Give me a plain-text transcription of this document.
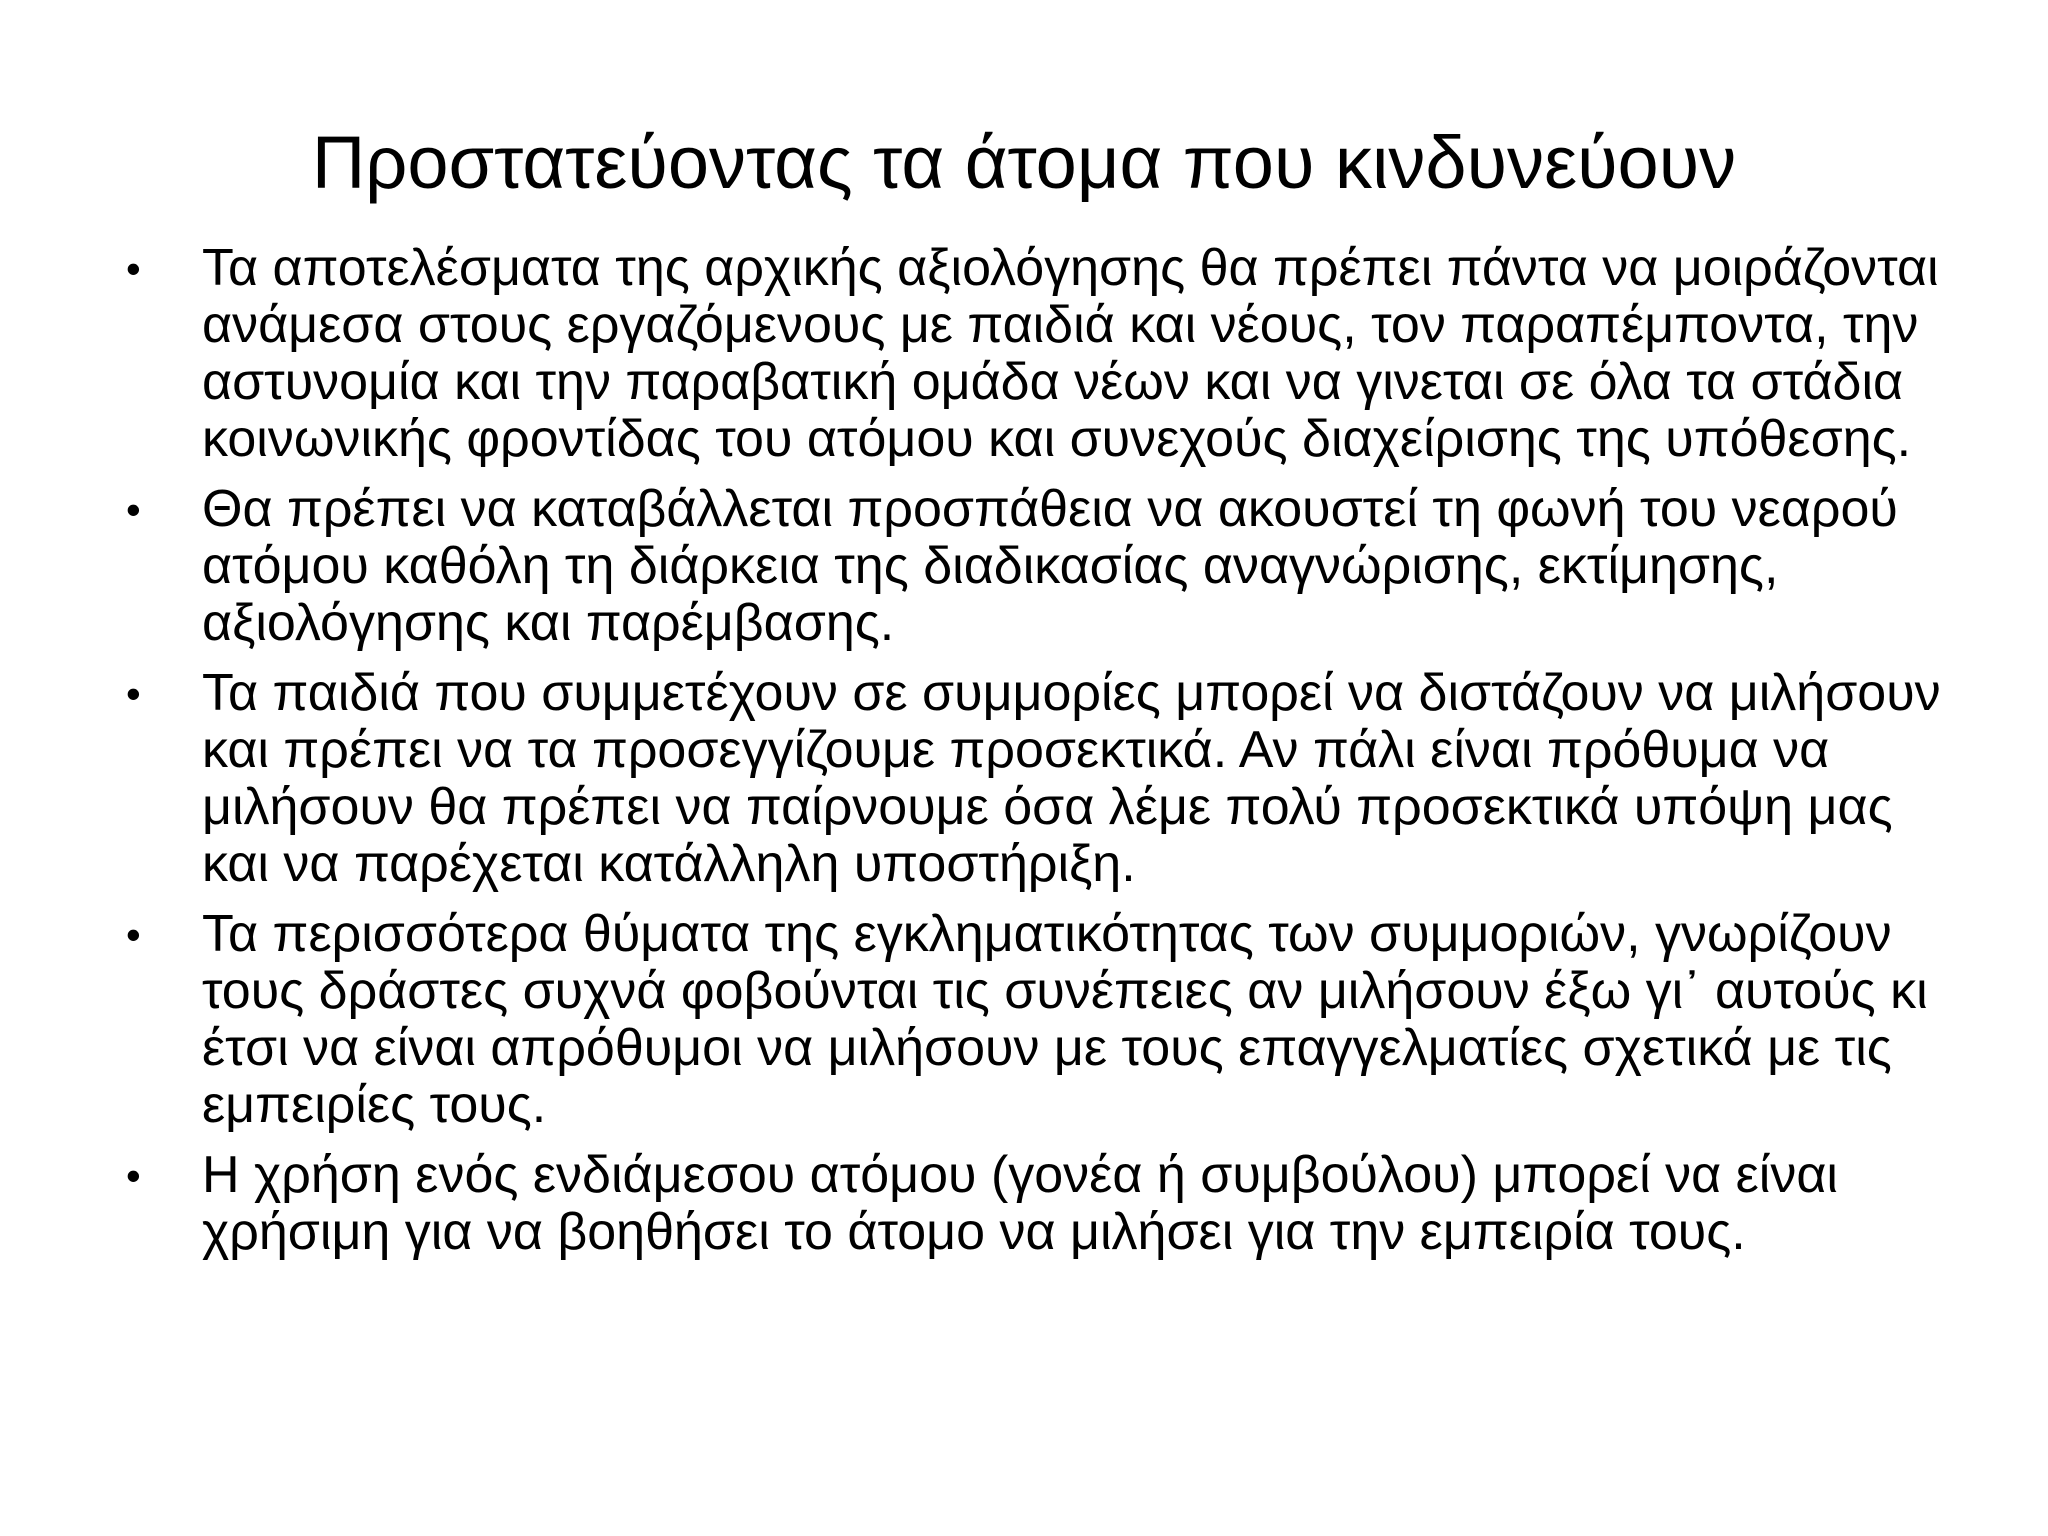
Προστατεύοντας τα άτομα που κινδυνεύουν
• Τα αποτελέσματα της αρχικής αξιολόγησης θα πρέπει πάντα να μοιράζονται ανάμεσα στους εργαζόμενους με παιδιά και νέους, τον παραπέμποντα, την αστυνομία και την παραβατική ομάδα νέων και να γινεται σε όλα τα στάδια κοινωνικής φροντίδας του ατόμου και συνεχούς διαχείρισης της υπόθεσης.
• Θα πρέπει να καταβάλλεται προσπάθεια να ακουστεί τη φωνή του νεαρού ατόμου καθόλη τη διάρκεια της διαδικασίας αναγνώρισης, εκτίμησης, αξιολόγησης και παρέμβασης.
• Τα παιδιά που συμμετέχουν σε συμμορίες μπορεί να διστάζουν να μιλήσουν και πρέπει να τα προσεγγίζουμε προσεκτικά. Αν πάλι είναι πρόθυμα να μιλήσουν θα πρέπει να παίρνουμε όσα λέμε πολύ προσεκτικά υπόψη μας και να παρέχεται κατάλληλη υποστήριξη.
• Τα περισσότερα θύματα της εγκληματικότητας των συμμοριών, γνωρίζουν τους δράστες συχνά φοβούνται τις συνέπειες αν μιλήσουν έξω γι᾽ αυτούς κι έτσι να είναι απρόθυμοι να μιλήσουν με τους επαγγελματίες σχετικά με τις εμπειρίες τους.
• Η χρήση ενός ενδιάμεσου ατόμου (γονέα ή συμβούλου) μπορεί να είναι χρήσιμη για να βοηθήσει το άτομο να μιλήσει για την εμπειρία τους.
